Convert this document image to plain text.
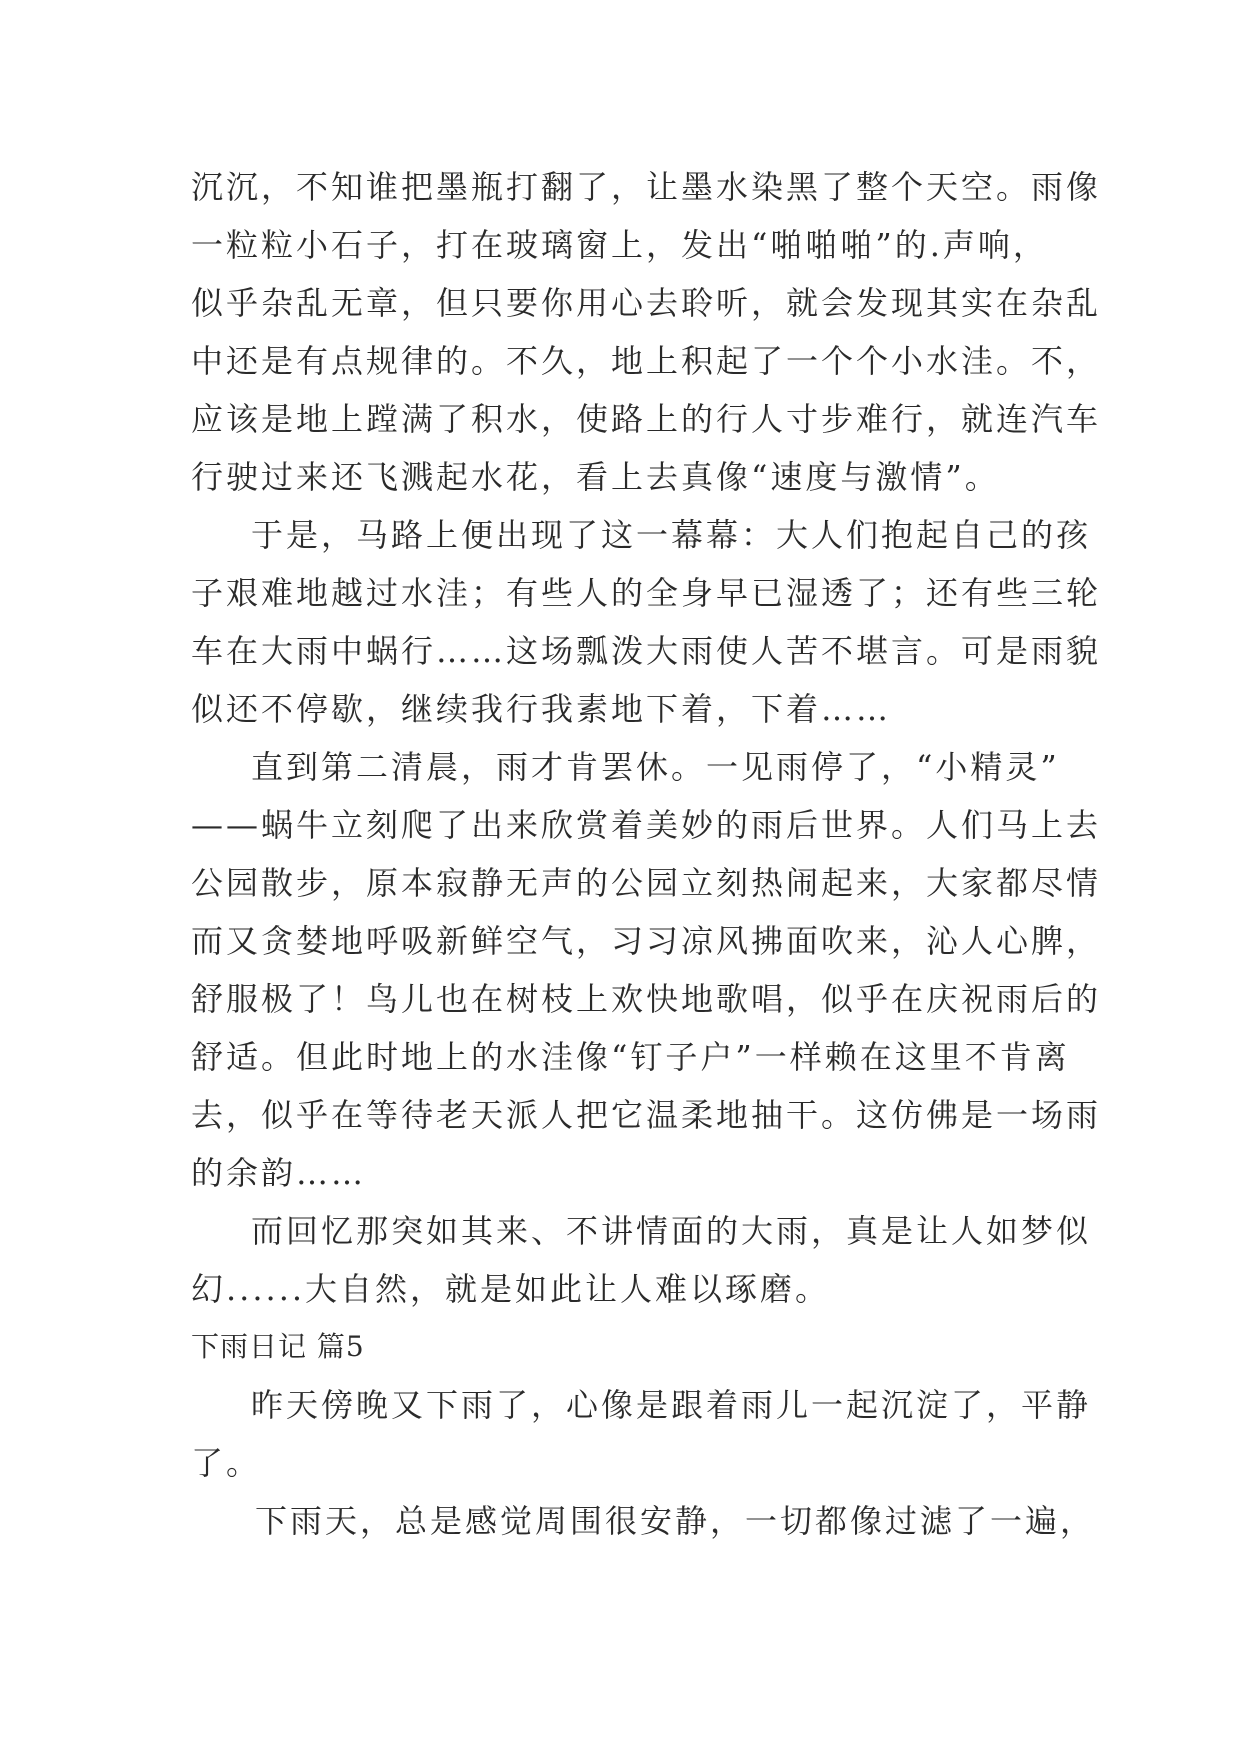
沉沉，不知谁把墨瓶打翻了，让墨水染黑了整个天空。雨像
一粒粒小石子，打在玻璃窗上，发出“啪啪啪”的.声响，
似乎杂乱无章，但只要你用心去聆听，就会发现其实在杂乱
中还是有点规律的。不久，地上积起了一个个小水洼。不，
应该是地上蹚满了积水，使路上的行人寸步难行，就连汽车
行驶过来还飞溅起水花，看上去真像“速度与激情”。

于是，马路上便出现了这一幕幕：大人们抱起自己的孩
子艰难地越过水洼；有些人的全身早已湿透了；还有些三轮
车在大雨中蜗行……这场瓢泼大雨使人苦不堪言。可是雨貌
似还不停歇，继续我行我素地下着，下着……

直到第二清晨，雨才肯罢休。一见雨停了，“小精灵”
——蜗牛立刻爬了出来欣赏着美妙的雨后世界。人们马上去
公园散步，原本寂静无声的公园立刻热闹起来，大家都尽情
而又贪婪地呼吸新鲜空气，习习凉风拂面吹来，沁人心脾，
舒服极了！鸟儿也在树枝上欢快地歌唱，似乎在庆祝雨后的
舒适。但此时地上的水洼像“钉子户”一样赖在这里不肯离
去，似乎在等待老天派人把它温柔地抽干。这仿佛是一场雨
的余韵……

而回忆那突如其来、不讲情面的大雨，真是让人如梦似
幻......大自然，就是如此让人难以琢磨。

下雨日记 篇5

昨天傍晚又下雨了，心像是跟着雨儿一起沉淀了，平静
了。

下雨天，总是感觉周围很安静，一切都像过滤了一遍，
